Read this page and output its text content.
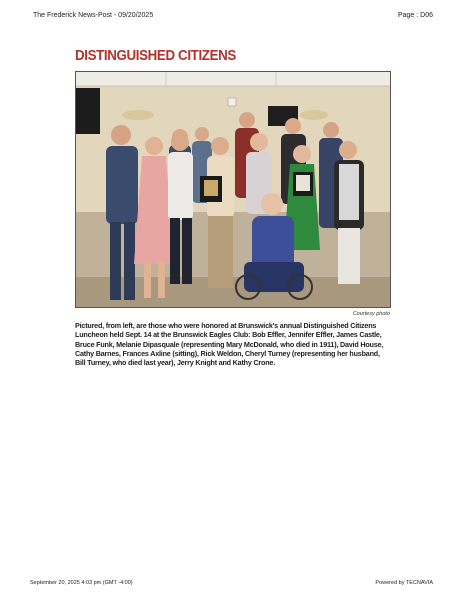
The Frederick News-Post - 09/20/2025	Page : D06
DISTINGUISHED CITIZENS
Courtesy photo
Pictured, from left, are those who were honored at Brunswick's annual Distinguished Citizens Luncheon held Sept. 14 at the Brunswick Eagles Club: Bob Effler, Jennifer Effler, James Castle, Bruce Funk, Melanie Dipasquale (representing Mary McDonald, who died in 1911), David House, Cathy Barnes, Frances Axline (sitting), Rick Weldon, Cheryl Turney (representing her husband, Bill Turney, who died last year), Jerry Knight and Kathy Crone.
September 20, 2025 4:03 pm (GMT -4:00)	Powered by TECNAVIA
